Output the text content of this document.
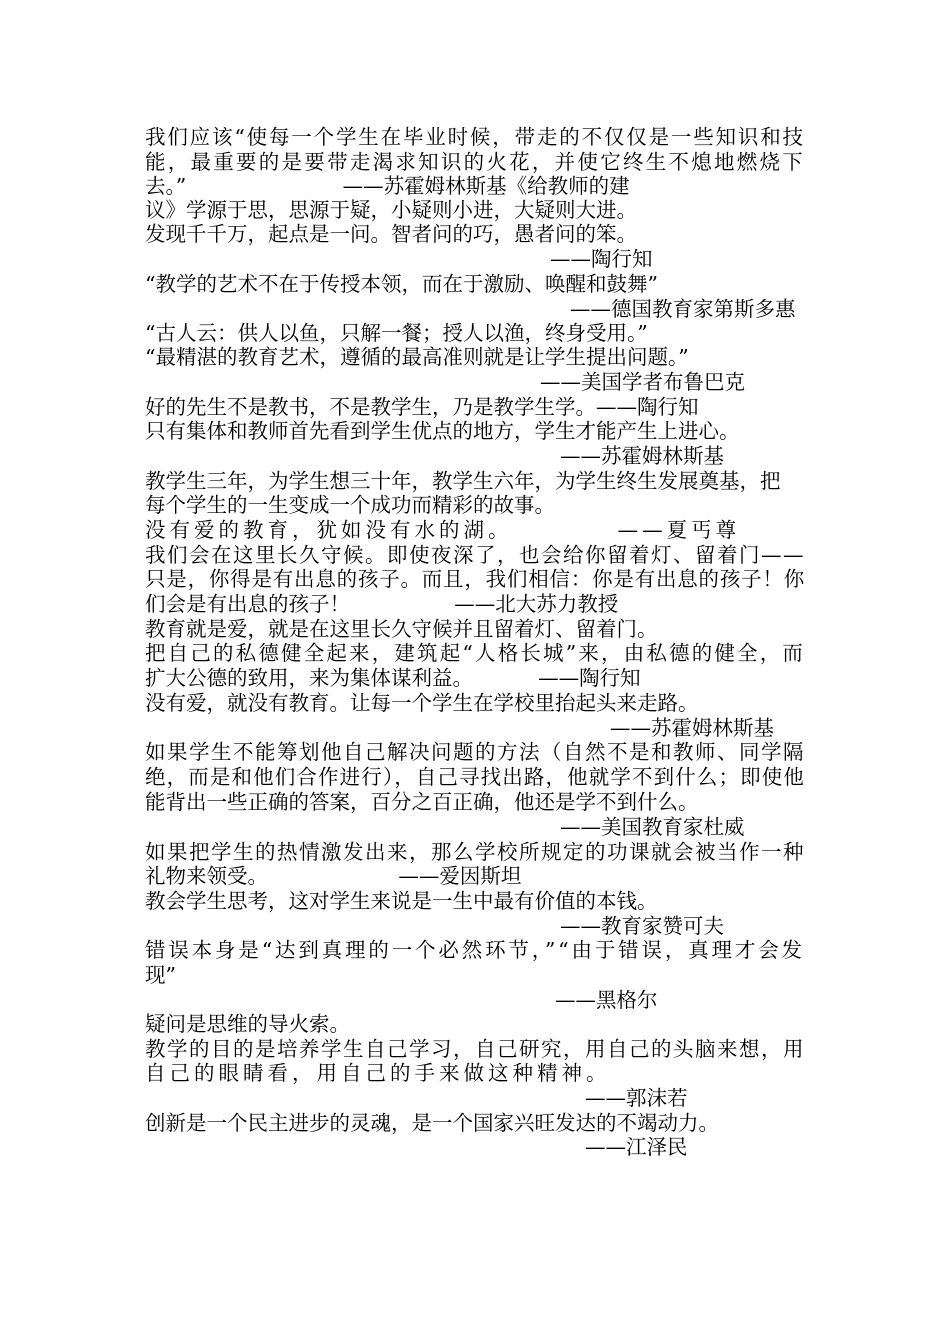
我们应该“使每一个学生在毕业时候，带走的不仅仅是一些知识和技
能，最重要的是要带走渴求知识的火花，并使它终生不熄地燃烧下
去。”                        ——苏霍姆林斯基《给教师的建
议》学源于思，思源于疑，小疑则小进，大疑则大进。
发现千千万，起点是一问。智者问的巧，愚者问的笨。
——陶行知
“教学的艺术不在于传授本领，而在于激励、唤醒和鼓舞”
——德国教育家第斯多惠
“古人云：供人以鱼，只解一餐；授人以渔，终身受用。”
“最精湛的教育艺术，遵循的最高准则就是让学生提出问题。”
——美国学者布鲁巴克
好的先生不是教书，不是教学生，乃是教学生学。——陶行知
只有集体和教师首先看到学生优点的地方，学生才能产生上进心。
——苏霍姆林斯基
教学生三年，为学生想三十年，教学生六年，为学生终生发展奠基，把
每个学生的一生变成一个成功而精彩的故事。
没有爱的教育，犹如没有水的湖。          ——夏丐尊
我们会在这里长久守候。即使夜深了，也会给你留着灯、留着门——
只是，你得是有出息的孩子。而且，我们相信：你是有出息的孩子！你
们会是有出息的孩子！                ——北大苏力教授
教育就是爱，就是在这里长久守候并且留着灯、留着门。
把自己的私德健全起来，建筑起“人格长城”来，由私德的健全，而
扩大公德的致用，来为集体谋利益。          ——陶行知
没有爱，就没有教育。让每一个学生在学校里抬起头来走路。
——苏霍姆林斯基
如果学生不能筹划他自己解决问题的方法（自然不是和教师、同学隔
绝，而是和他们合作进行），自己寻找出路，他就学不到什么；即使他
能背出一些正确的答案，百分之百正确，他还是学不到什么。
——美国教育家杜威
如果把学生的热情激发出来，那么学校所规定的功课就会被当作一种
礼物来领受。                    ——爱因斯坦
教会学生思考，这对学生来说是一生中最有价值的本钱。
——教育家赞可夫
错误本身是“达到真理的一个必然环节，”“由于错误，真理才会发
现”
——黑格尔
疑问是思维的导火索。
教学的目的是培养学生自己学习，自己研究，用自己的头脑来想，用
自己的眼睛看，用自己的手来做这种精神。
——郭沫若
创新是一个民主进步的灵魂，是一个国家兴旺发达的不竭动力。
——江泽民
